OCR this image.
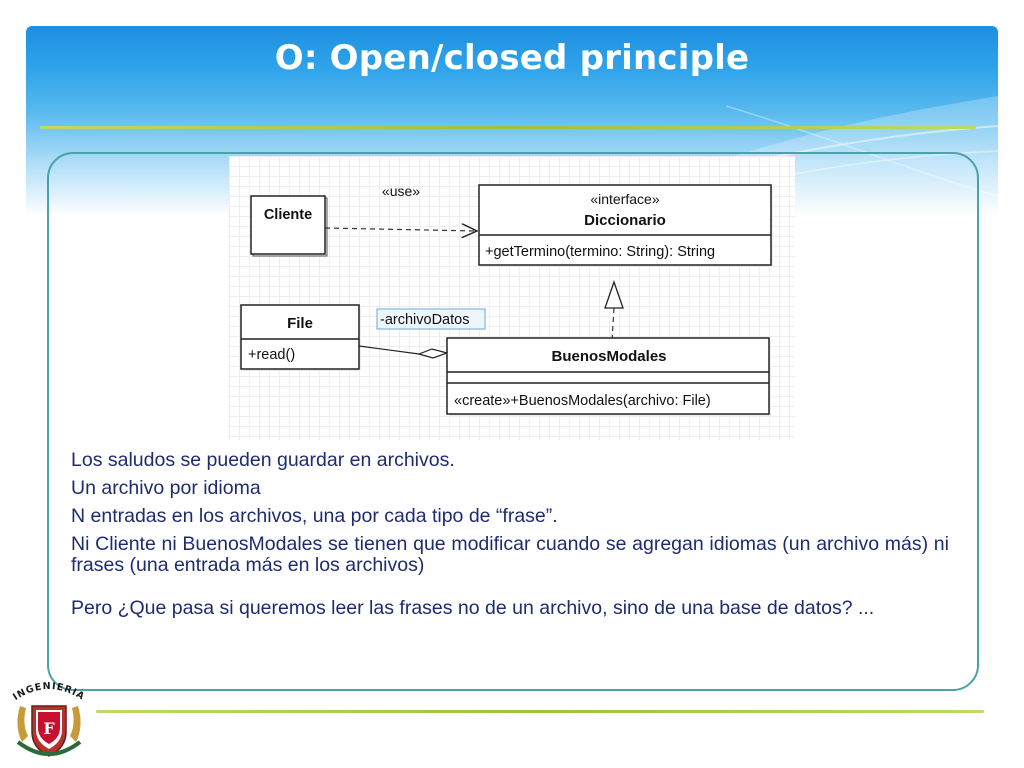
O: Open/closed principle
Cliente
«use»	«interface»
Diccionario
+getTermino(termino: String): String
File
+read()
-archivoDatos
BuenosModales
«create»+BuenosModales(archivo: File)

Los saludos se pueden guardar en archivos.

Un archivo por idioma

N entradas en los archivos, una por cada tipo de “frase”.

Ni Cliente ni BuenosModales se tienen que modificar cuando se agregan idiomas (un archivo más) ni frases (una entrada más en los archivos)

Pero ¿Que pasa si queremos leer las frases no de un archivo, sino de una base de datos? ...

INGENIERIA
F
